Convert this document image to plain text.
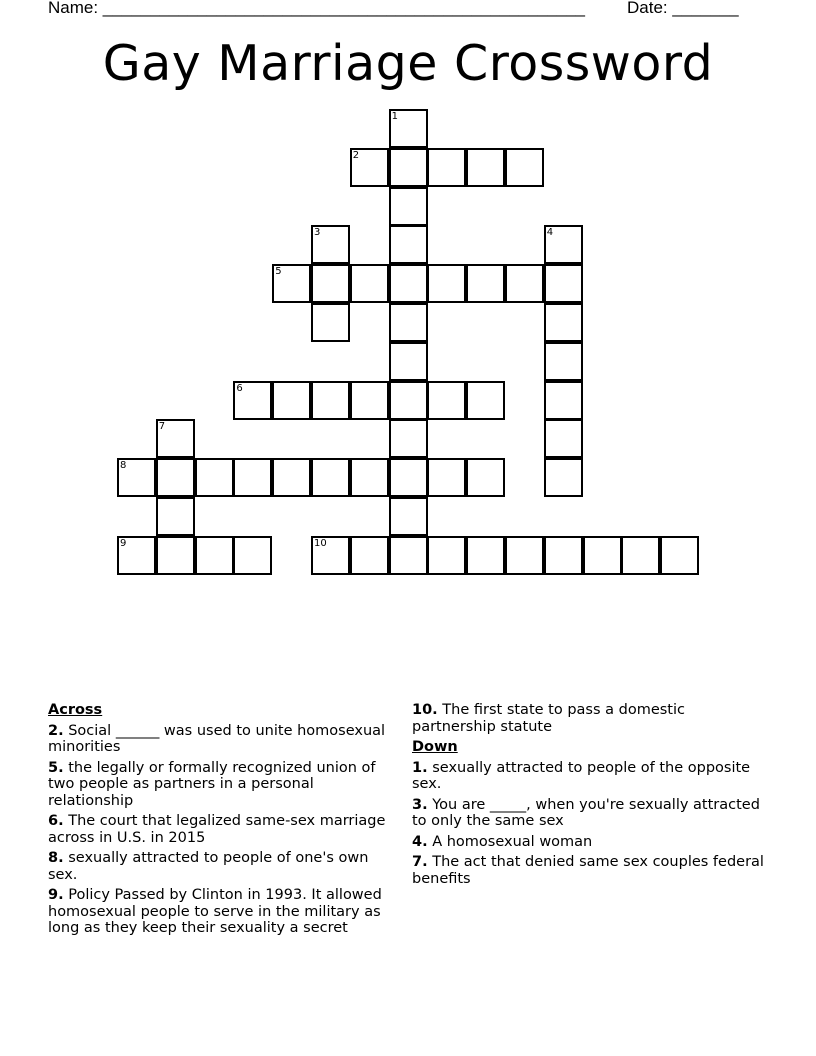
Name: ___________________________________________________ Date: _______
Gay Marriage Crossword
1
2
3	4
5
6
7
8
9	10
Across
2. Social ______ was used to unite homosexual minorities
5. the legally or formally recognized union of two people as partners in a personal relationship
6. The court that legalized same-sex marriage across in U.S. in 2015
8. sexually attracted to people of one's own sex.
9. Policy Passed by Clinton in 1993. It allowed homosexual people to serve in the military as long as they keep their sexuality a secret
10. The first state to pass a domestic partnership statute
Down
1. sexually attracted to people of the opposite sex.
3. You are _____, when you're sexually attracted to only the same sex
4. A homosexual woman
7. The act that denied same sex couples federal benefits
